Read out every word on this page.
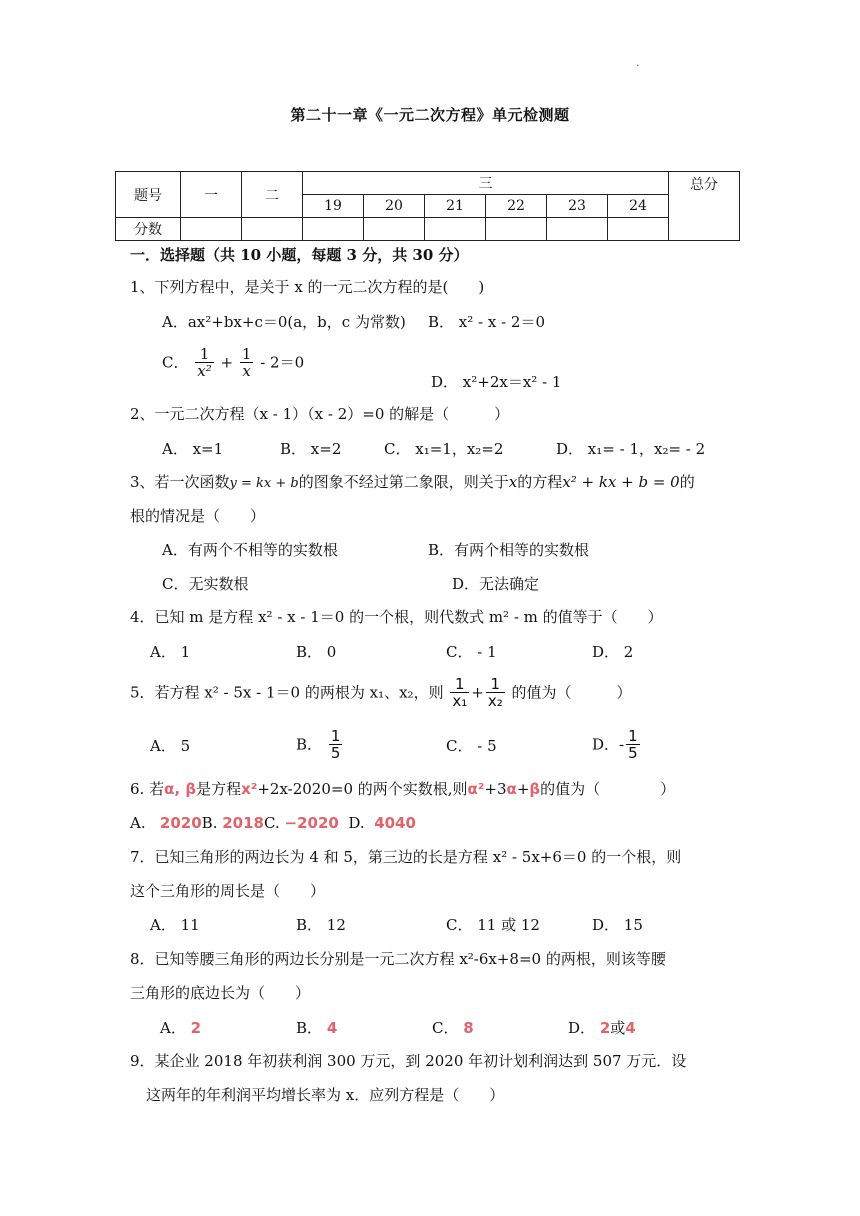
.
第二十一章《一元二次方程》单元检测题
题号	一	二	三						总分
			19	20	21	22	23	24	
分数									
一．选择题（共 10 小题，每题 3 分，共 30 分）
1、下列方程中，是关于 x 的一元二次方程的是(　　)
A．ax²+bx+c＝0(a，b，c 为常数) B． x² - x - 2＝0
C． $\frac{1}{\text{x²}} + \frac{1}{x} - 2=0$
D． x²+2x＝x² - 1
2、一元二次方程（x - 1）（x - 2）=0 的解是（　　　）
A． x=1	B． x=2	C． x₁=1，x₂=2	D． x₁= - 1，x₂= - 2
3、若一次函数y = kx + b的图象不经过第二象限，则关于x的方程x² + kx + b = 0的
根的情况是（　　）
A．有两个不相等的实数根	B．有两个相等的实数根
C．无实数根	D．无法确定
4．已知 m 是方程 x² - x - 1＝0 的一个根，则代数式 m² - m 的值等于（　　）
A． 1	B． 0	C． - 1	D． 2
5．若方程 x² - 5x - 1＝0 的两根为 x₁、x₂，则 $\frac{1}{\text{x₁}} + \frac{1}{\text{x₂}}$ 的值为（　　　）
A． 5	B． $\frac{1}{5}$	C． - 5	D．- $\frac{1}{5}$
6. 若α, β是方程x²+2x-2020=0 的两个实数根,则α²+3α+β的值为（　　　　）
A. 2020B. 2018C. −2020 D. 4040
7．已知三角形的两边长为 4 和 5，第三边的长是方程 x² - 5x+6＝0 的一个根，则
这个三角形的周长是（　　）
A． 11	B． 12	C． 11 或 12	D． 15
8．已知等腰三角形的两边长分别是一元二次方程 x²-6x+8=0 的两根，则该等腰
三角形的底边长为（　　）
A． 2	B． 4	C． 8	D． 2或4
9．某企业 2018 年初获利润 300 万元，到 2020 年初计划利润达到 507 万元．设
这两年的年利润平均增长率为 x．应列方程是（　　）
